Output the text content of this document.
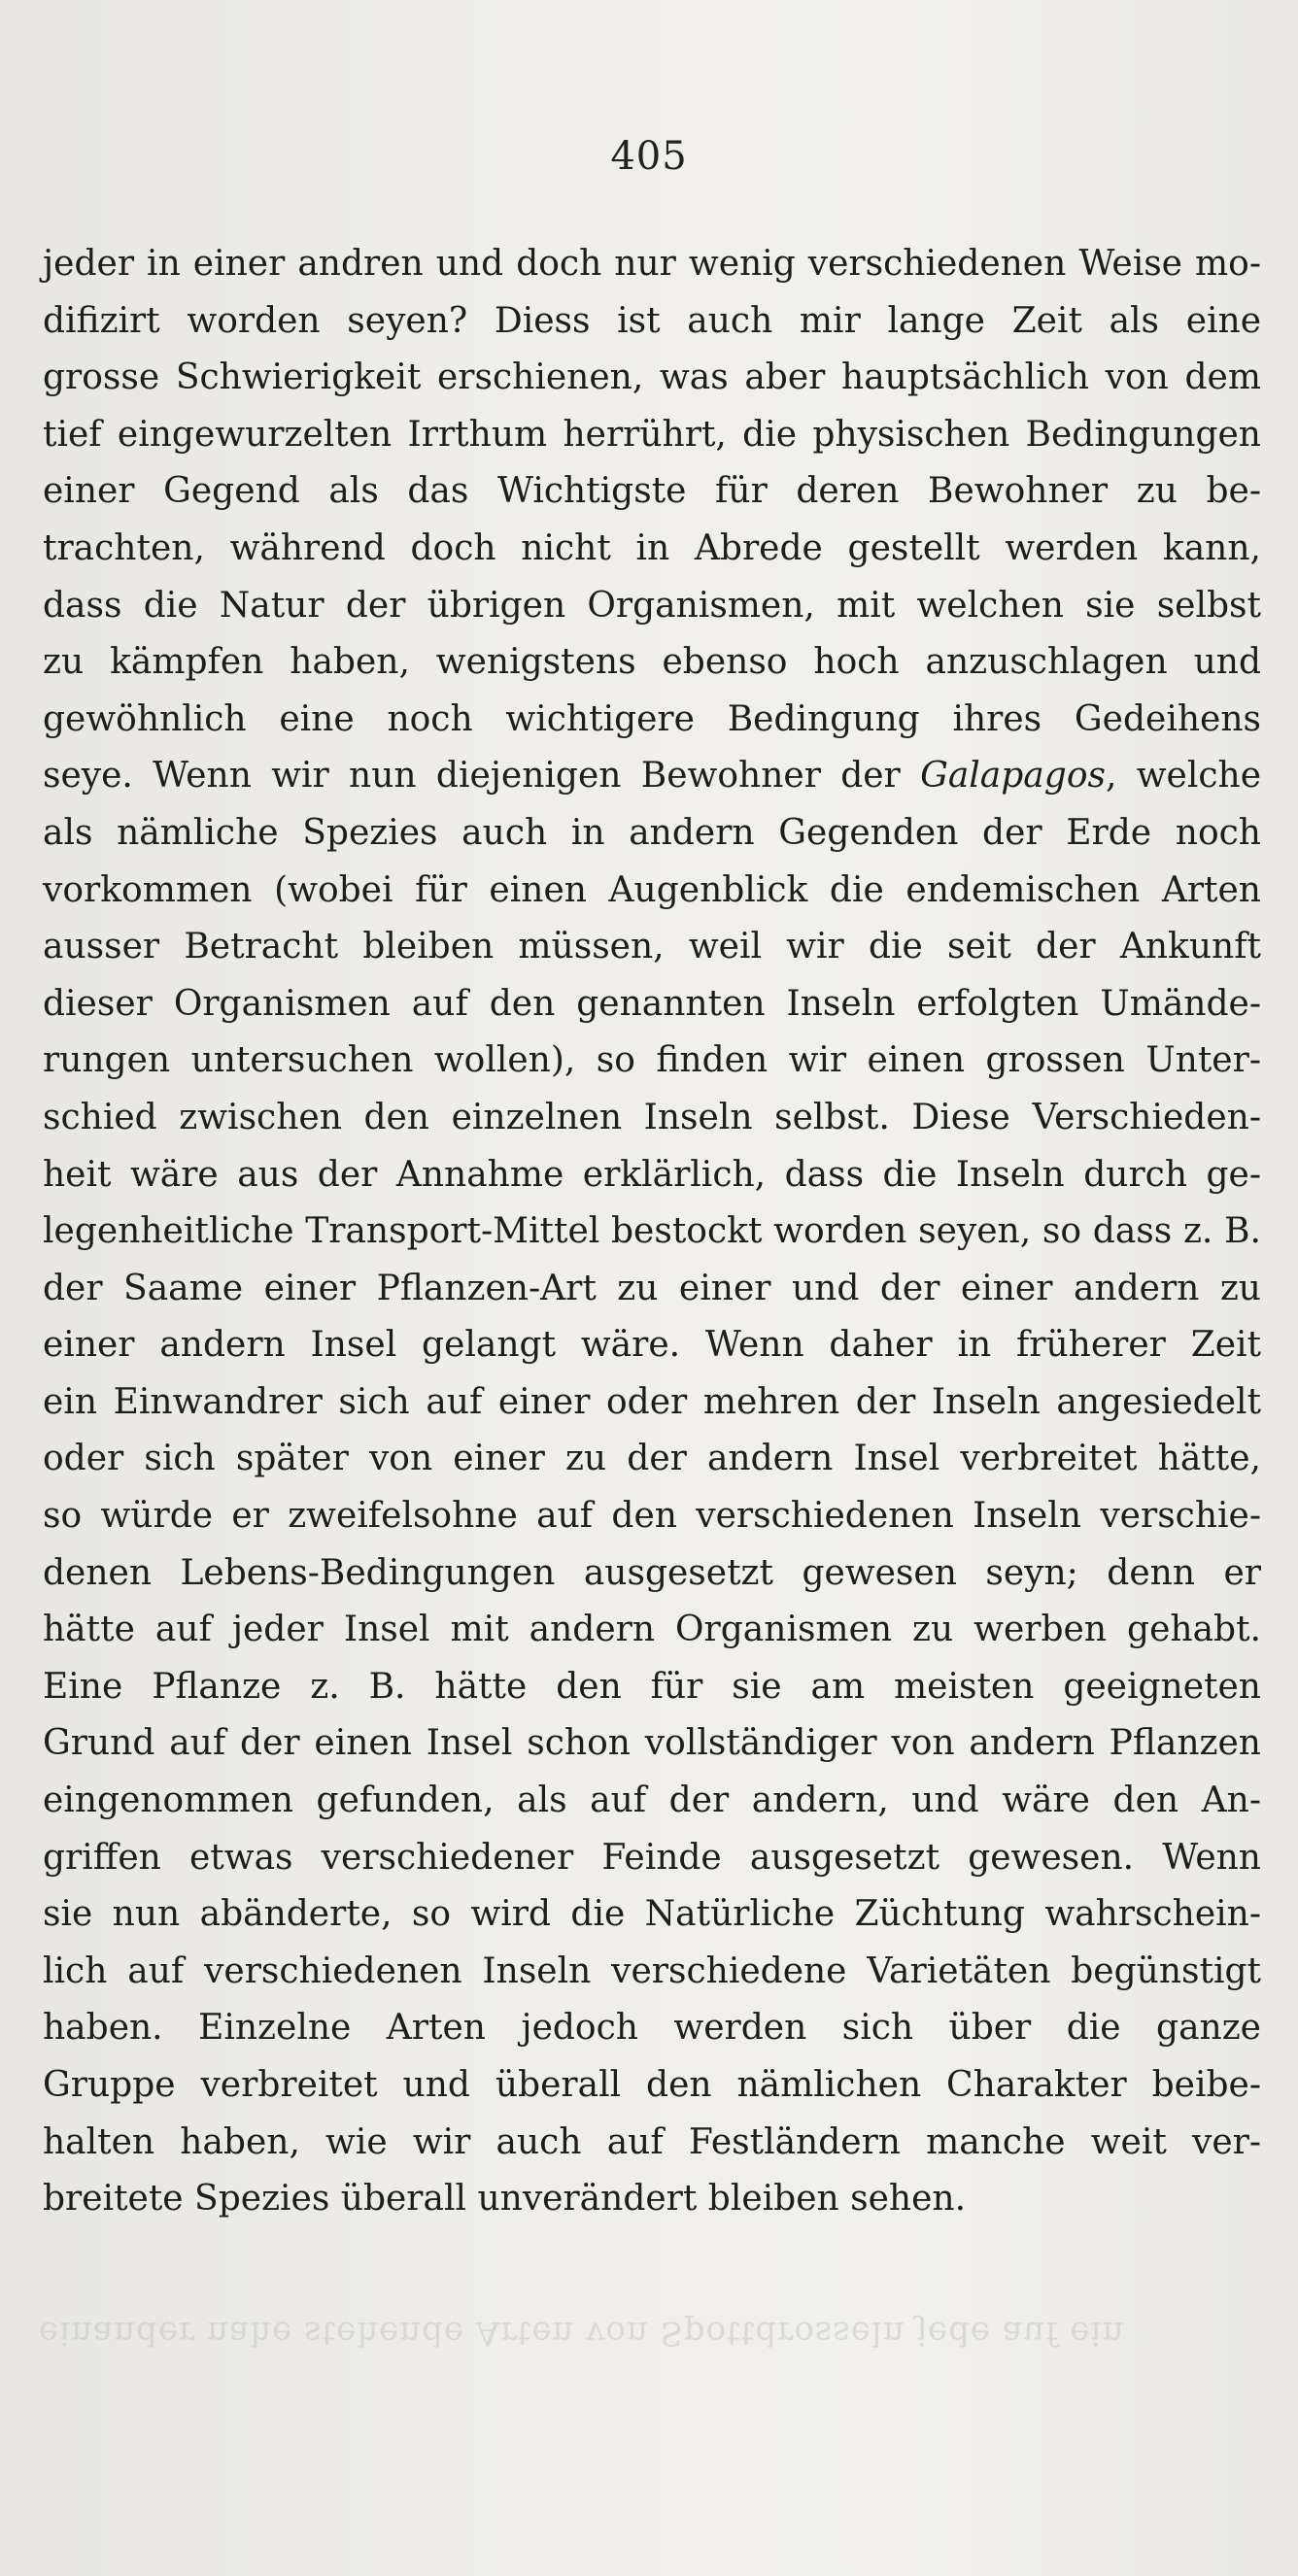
405
jeder in einer andren und doch nur wenig verschiedenen Weise mo-
difizirt worden seyen? Diess ist auch mir lange Zeit als eine
grosse Schwierigkeit erschienen, was aber hauptsächlich von dem
tief eingewurzelten Irrthum herrührt, die physischen Bedingungen
einer Gegend als das Wichtigste für deren Bewohner zu be-
trachten, während doch nicht in Abrede gestellt werden kann,
dass die Natur der übrigen Organismen, mit welchen sie selbst
zu kämpfen haben, wenigstens ebenso hoch anzuschlagen und
gewöhnlich eine noch wichtigere Bedingung ihres Gedeihens
seye. Wenn wir nun diejenigen Bewohner der Galapagos, welche
als nämliche Spezies auch in andern Gegenden der Erde noch
vorkommen (wobei für einen Augenblick die endemischen Arten
ausser Betracht bleiben müssen, weil wir die seit der Ankunft
dieser Organismen auf den genannten Inseln erfolgten Umände-
rungen untersuchen wollen), so finden wir einen grossen Unter-
schied zwischen den einzelnen Inseln selbst. Diese Verschieden-
heit wäre aus der Annahme erklärlich, dass die Inseln durch ge-
legenheitliche Transport-Mittel bestockt worden seyen, so dass z. B.
der Saame einer Pflanzen-Art zu einer und der einer andern zu
einer andern Insel gelangt wäre. Wenn daher in früherer Zeit
ein Einwandrer sich auf einer oder mehren der Inseln angesiedelt
oder sich später von einer zu der andern Insel verbreitet hätte,
so würde er zweifelsohne auf den verschiedenen Inseln verschie-
denen Lebens-Bedingungen ausgesetzt gewesen seyn; denn er
hätte auf jeder Insel mit andern Organismen zu werben gehabt.
Eine Pflanze z. B. hätte den für sie am meisten geeigneten
Grund auf der einen Insel schon vollständiger von andern Pflanzen
eingenommen gefunden, als auf der andern, und wäre den An-
griffen etwas verschiedener Feinde ausgesetzt gewesen. Wenn
sie nun abänderte, so wird die Natürliche Züchtung wahrschein-
lich auf verschiedenen Inseln verschiedene Varietäten begünstigt
haben. Einzelne Arten jedoch werden sich über die ganze
Gruppe verbreitet und überall den nämlichen Charakter beibe-
halten haben, wie wir auch auf Festländern manche weit ver-
breitete Spezies überall unverändert bleiben sehen.
einander nahe stehende Arten von Spottdrosseln jede auf ein
